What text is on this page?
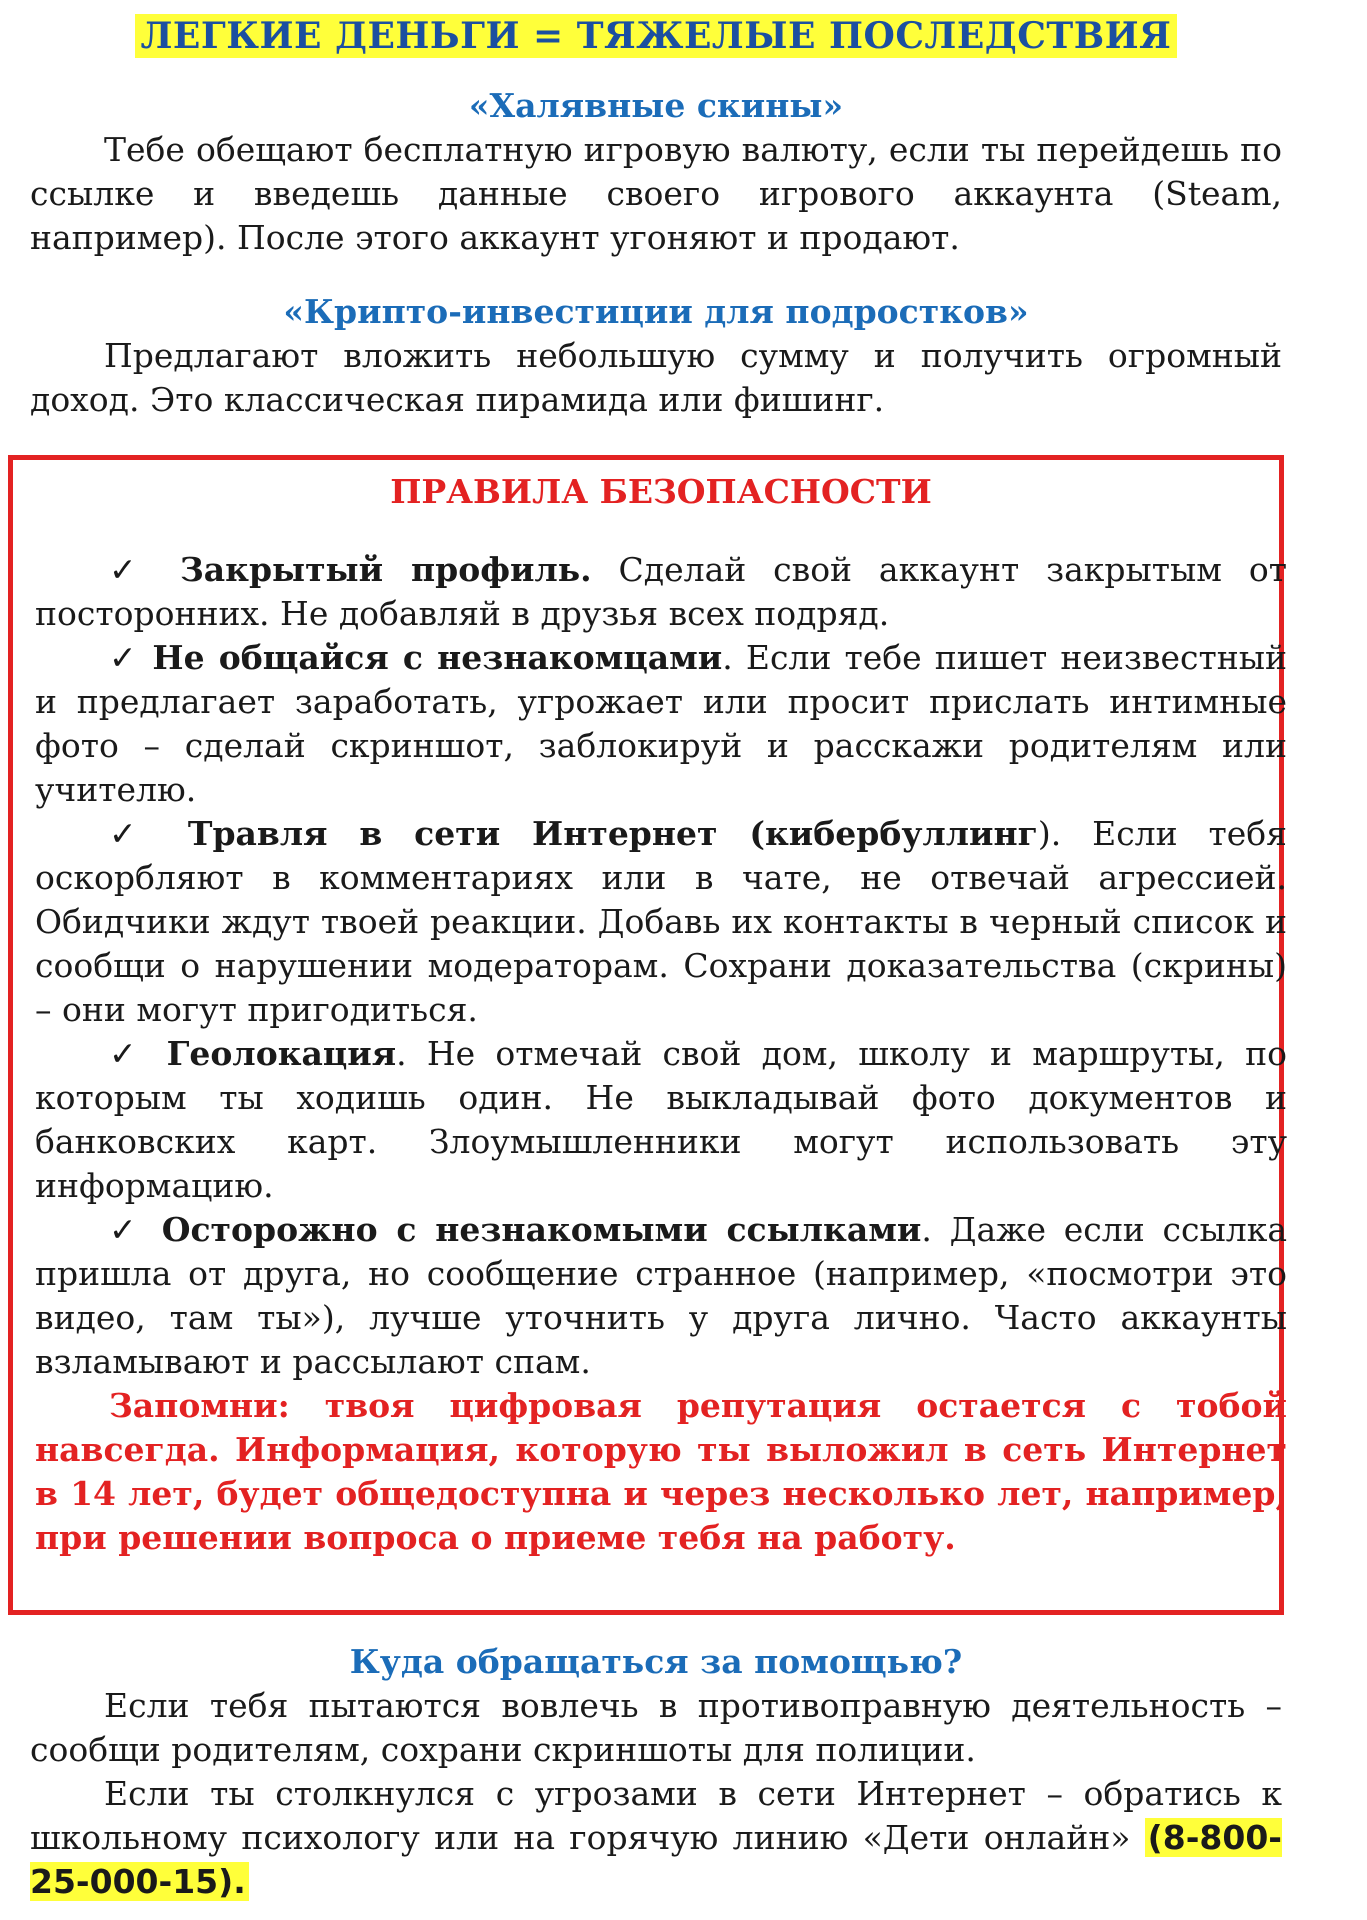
ЛЕГКИЕ ДЕНЬГИ = ТЯЖЕЛЫЕ ПОСЛЕДСТВИЯ
«Халявные скины»

Тебе обещают бесплатную игровую валюту, если ты перейдешь по ссылке и введешь данные своего игрового аккаунта (Steam, например). После этого аккаунт угоняют и продают.

«Крипто-инвестиции для подростков»

Предлагают вложить небольшую сумму и получить огромный доход. Это классическая пирамида или фишинг.

ПРАВИЛА БЕЗОПАСНОСТИ

✓ Закрытый профиль. Сделай свой аккаунт закрытым от посторонних. Не добавляй в друзья всех подряд.

✓ Не общайся с незнакомцами. Если тебе пишет неизвестный и предлагает заработать, угрожает или просит прислать интимные фото – сделай скриншот, заблокируй и расскажи родителям или учителю.

✓ Травля в сети Интернет (кибербуллинг). Если тебя оскорбляют в комментариях или в чате, не отвечай агрессией. Обидчики ждут твоей реакции. Добавь их контакты в черный список и сообщи о нарушении модераторам. Сохрани доказательства (скрины) – они могут пригодиться.

✓ Геолокация. Не отмечай свой дом, школу и маршруты, по которым ты ходишь один. Не выкладывай фото документов и банковских карт. Злоумышленники могут использовать эту информацию.

✓ Осторожно с незнакомыми ссылками. Даже если ссылка пришла от друга, но сообщение странное (например, «посмотри это видео, там ты»), лучше уточнить у друга лично. Часто аккаунты взламывают и рассылают спам.

Запомни: твоя цифровая репутация остается с тобой навсегда. Информация, которую ты выложил в сеть Интернет в 14 лет, будет общедоступна и через несколько лет, например, при решении вопроса о приеме тебя на работу.

Куда обращаться за помощью?

Если тебя пытаются вовлечь в противоправную деятельность – сообщи родителям, сохрани скриншоты для полиции.

Если ты столкнулся с угрозами в сети Интернет – обратись к школьному психологу или на горячую линию «Дети онлайн» (8-800-25-000-15).
